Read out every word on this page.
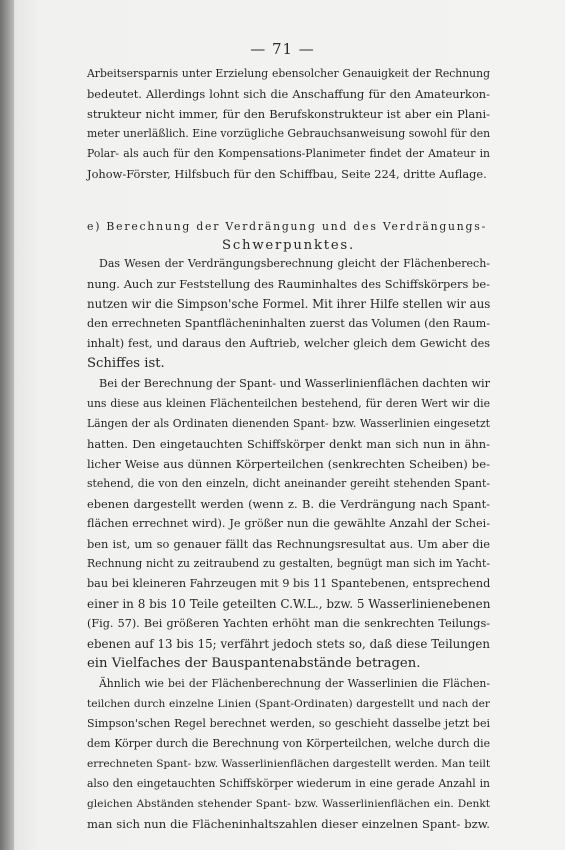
— 71 —
Arbeitsersparnis unter Erzielung ebensolcher Genauigkeit der Rechnung
bedeutet. Allerdings lohnt sich die Anschaffung für den Amateurkon-
strukteur nicht immer, für den Berufskonstrukteur ist aber ein Plani-
meter unerläßlich. Eine vorzügliche Gebrauchsanweisung sowohl für den
Polar- als auch für den Kompensations-Planimeter findet der Amateur in
Johow-Förster, Hilfsbuch für den Schiffbau, Seite 224, dritte Auflage.
e) Berechnung der Verdrängung und des Verdrängungs-
Schwerpunktes.
Das Wesen der Verdrängungsberechnung gleicht der Flächenberech-
nung. Auch zur Feststellung des Rauminhaltes des Schiffskörpers be-
nutzen wir die Simpson'sche Formel. Mit ihrer Hilfe stellen wir aus
den errechneten Spantflächeninhalten zuerst das Volumen (den Raum-
inhalt) fest, und daraus den Auftrieb, welcher gleich dem Gewicht des
Schiffes ist.
Bei der Berechnung der Spant- und Wasserlinienflächen dachten wir
uns diese aus kleinen Flächenteilchen bestehend, für deren Wert wir die
Längen der als Ordinaten dienenden Spant- bzw. Wasserlinien eingesetzt
hatten. Den eingetauchten Schiffskörper denkt man sich nun in ähn-
licher Weise aus dünnen Körperteilchen (senkrechten Scheiben) be-
stehend, die von den einzeln, dicht aneinander gereiht stehenden Spant-
ebenen dargestellt werden (wenn z. B. die Verdrängung nach Spant-
flächen errechnet wird). Je größer nun die gewählte Anzahl der Schei-
ben ist, um so genauer fällt das Rechnungsresultat aus. Um aber die
Rechnung nicht zu zeitraubend zu gestalten, begnügt man sich im Yacht-
bau bei kleineren Fahrzeugen mit 9 bis 11 Spantebenen, entsprechend
einer in 8 bis 10 Teile geteilten C.W.L., bzw. 5 Wasserlinienebenen
(Fig. 57). Bei größeren Yachten erhöht man die senkrechten Teilungs-
ebenen auf 13 bis 15; verfährt jedoch stets so, daß diese Teilungen
ein Vielfaches der Bauspantenabstände betragen.
Ähnlich wie bei der Flächenberechnung der Wasserlinien die Flächen-
teilchen durch einzelne Linien (Spant-Ordinaten) dargestellt und nach der
Simpson'schen Regel berechnet werden, so geschieht dasselbe jetzt bei
dem Körper durch die Berechnung von Körperteilchen, welche durch die
errechneten Spant- bzw. Wasserlinienflächen dargestellt werden. Man teilt
also den eingetauchten Schiffskörper wiederum in eine gerade Anzahl in
gleichen Abständen stehender Spant- bzw. Wasserlinienflächen ein. Denkt
man sich nun die Flächeninhaltszahlen dieser einzelnen Spant- bzw.
